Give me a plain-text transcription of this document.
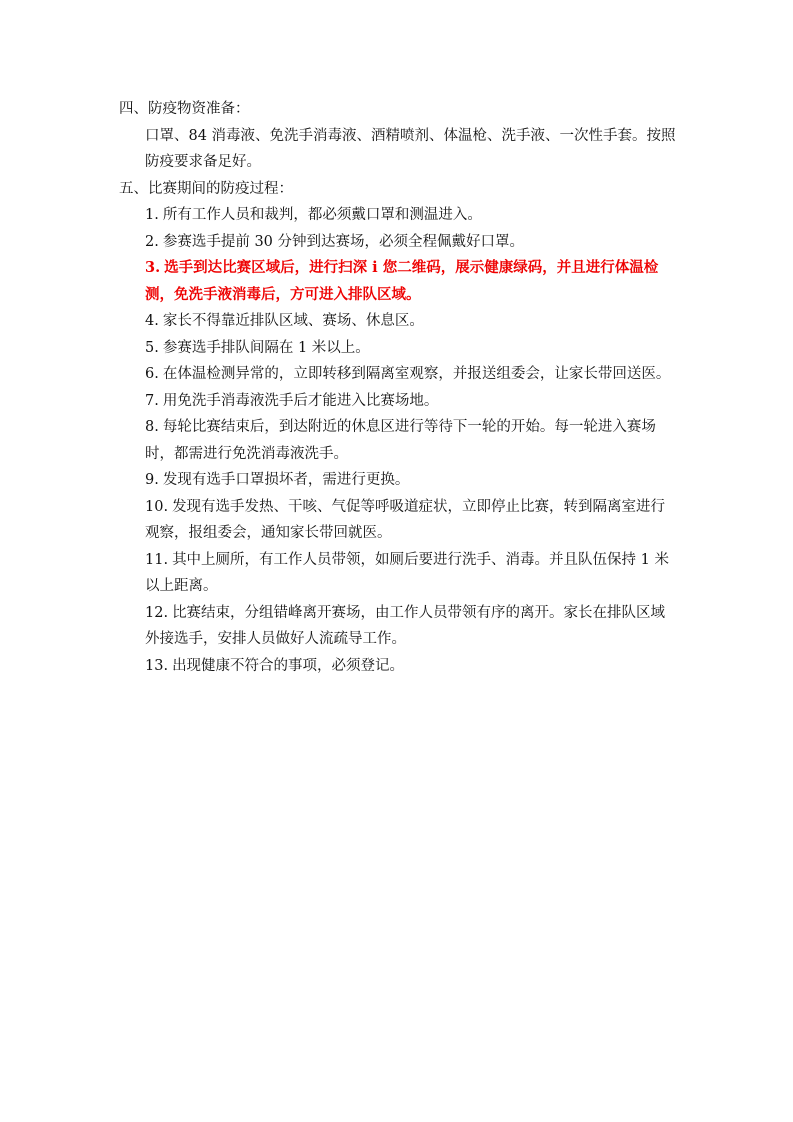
四、防疫物资准备：

口罩、84 消毒液、免洗手消毒液、酒精喷剂、体温枪、洗手液、一次性手套。按照防疫要求备足好。

五、比赛期间的防疫过程：

1. 所有工作人员和裁判，都必须戴口罩和测温进入。
2. 参赛选手提前 30 分钟到达赛场，必须全程佩戴好口罩。
3. 选手到达比赛区域后，进行扫深 i 您二维码，展示健康绿码，并且进行体温检测，免洗手液消毒后，方可进入排队区域。
4. 家长不得靠近排队区域、赛场、休息区。
5. 参赛选手排队间隔在 1 米以上。
6. 在体温检测异常的，立即转移到隔离室观察，并报送组委会，让家长带回送医。
7. 用免洗手消毒液洗手后才能进入比赛场地。
8. 每轮比赛结束后，到达附近的休息区进行等待下一轮的开始。每一轮进入赛场时，都需进行免洗消毒液洗手。
9. 发现有选手口罩损坏者，需进行更换。
10. 发现有选手发热、干咳、气促等呼吸道症状，立即停止比赛，转到隔离室进行观察，报组委会，通知家长带回就医。
11. 其中上厕所，有工作人员带领，如厕后要进行洗手、消毒。并且队伍保持 1 米以上距离。
12. 比赛结束，分组错峰离开赛场，由工作人员带领有序的离开。家长在排队区域外接选手，安排人员做好人流疏导工作。
13. 出现健康不符合的事项，必须登记。
